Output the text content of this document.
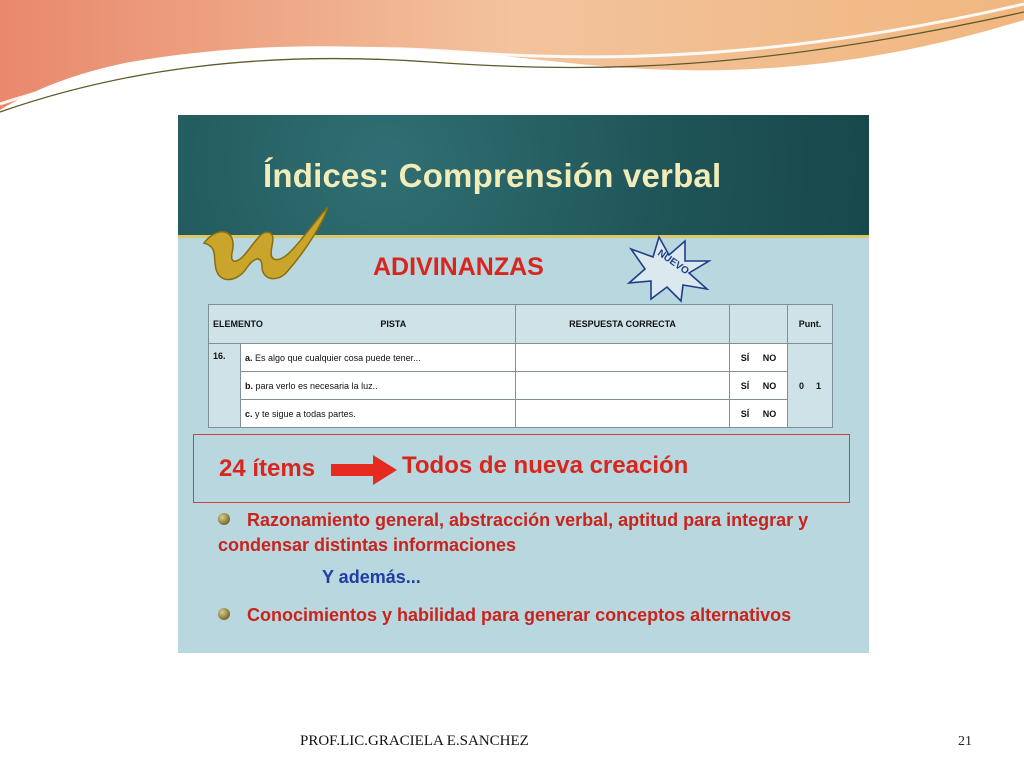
Índices: Comprensión verbal
ADIVINANZAS	NUEVO
ELEMENTO PISTA		RESPUESTA CORRECTA		Punt.
16.	a. Es algo que cualquier cosa puede tener...		SÍ NO	0 1
	b. para verlo es necesaria la luz..		SÍ NO	
	c. y te sigue a todas partes.		SÍ NO	
24 ítems	Todos de nueva creación
Razonamiento general, abstracción verbal, aptitud para integrar y condensar distintas informaciones
Y además...
Conocimientos y habilidad para generar conceptos alternativos
PROF.LIC.GRACIELA E.SANCHEZ	21
